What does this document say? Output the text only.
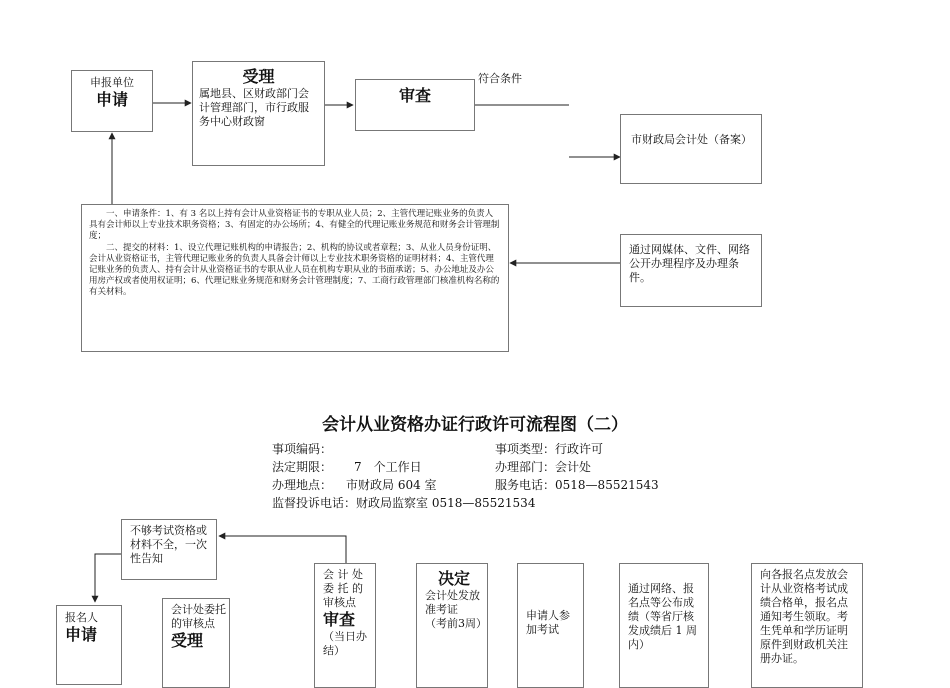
申报单位
申请
受理
属地县、区财政部门会计管理部门，市行政服务中心财政窗
审查
符合条件
市财政局会计处（备案）
通过网媒体、文件、网络公开办理程序及办理条件。
一、申请条件：1、有 3 名以上持有会计从业资格证书的专职从业人员；2、主管代理记账业务的负责人具有会计师以上专业技术职务资格；3、有固定的办公场所；4、有健全的代理记账业务规范和财务会计管理制度；
二、提交的材料：1、设立代理记账机构的申请报告；2、机构的协议或者章程；3、从业人员身份证明、会计从业资格证书，主管代理记账业务的负责人具备会计师以上专业技术职务资格的证明材料；4、主管代理记账业务的负责人、持有会计从业资格证书的专职从业人员在机构专职从业的书面承诺；5、办公地址及办公用房产权或者使用权证明；6、代理记账业务规范和财务会计管理制度；7、工商行政管理部门核准机构名称的有关材料。
会计从业资格办证行政许可流程图（二）
事项编码：	事项类型：行政许可
法定期限： 7　个工作日	办理部门：会计处
办理地点： 市财政局 604 室	服务电话：0518—85521543
监督投诉电话：财政局监察室 0518—85521534
不够考试资格或材料不全，一次性告知
报名人
申请
会计处委托的审核点
受理
会 计 处 委 托 的审核点
审查
（当日办结）
决定
会计处发放准考证
（考前3周）
申请人参加考试
通过网络、报名点等公布成绩（等省厅核发成绩后 1 周内）
向各报名点发放会计从业资格考试成绩合格单，报名点通知考生领取。考生凭单和学历证明原件到财政机关注册办证。
